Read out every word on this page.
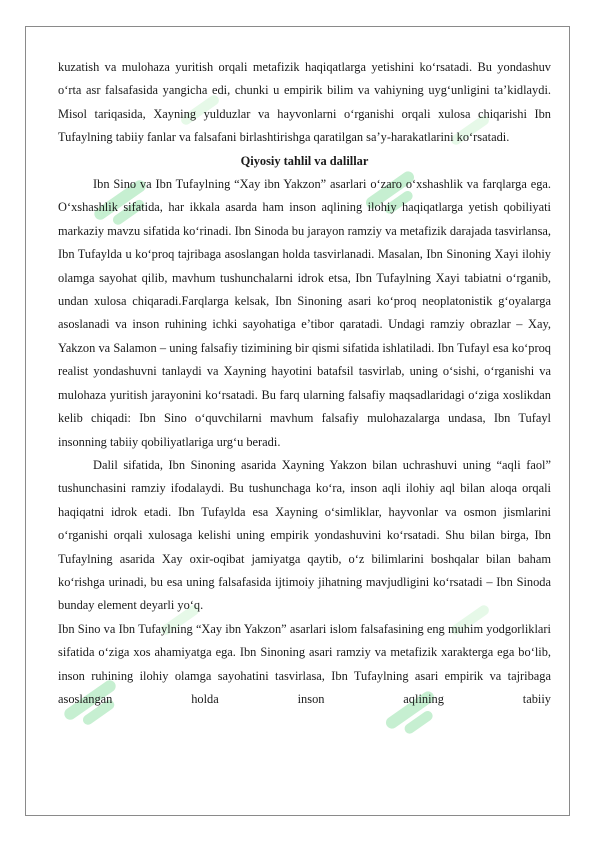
kuzatish va mulohaza yuritish orqali metafizik haqiqatlarga yetishini ko‘rsatadi. Bu yondashuv o‘rta asr falsafasida yangicha edi, chunki u empirik bilim va vahiyning uyg‘unligini ta’kidlaydi. Misol tariqasida, Xayning yulduzlar va hayvonlarni o‘rganishi orqali xulosa chiqarishi Ibn Tufaylning tabiiy fanlar va falsafani birlashtirishga qaratilgan sa’y-harakatlarini ko‘rsatadi.

Qiyosiy tahlil va dalillar

Ibn Sino va Ibn Tufaylning “Xay ibn Yakzon” asarlari o‘zaro o‘xshashlik va farqlarga ega. O‘xshashlik sifatida, har ikkala asarda ham inson aqlining ilohiy haqiqatlarga yetish qobiliyati markaziy mavzu sifatida ko‘rinadi. Ibn Sinoda bu jarayon ramziy va metafizik darajada tasvirlansa, Ibn Tufaylda u ko‘proq tajribaga asoslangan holda tasvirlanadi. Masalan, Ibn Sinoning Xayi ilohiy olamga sayohat qilib, mavhum tushunchalarni idrok etsa, Ibn Tufaylning Xayi tabiatni o‘rganib, undan xulosa chiqaradi.Farqlarga kelsak, Ibn Sinoning asari ko‘proq neoplatonistik g‘oyalarga asoslanadi va inson ruhining ichki sayohatiga e’tibor qaratadi. Undagi ramziy obrazlar – Xay, Yakzon va Salamon – uning falsafiy tizimining bir qismi sifatida ishlatiladi. Ibn Tufayl esa ko‘proq realist yondashuvni tanlaydi va Xayning hayotini batafsil tasvirlab, uning o‘sishi, o‘rganishi va mulohaza yuritish jarayonini ko‘rsatadi. Bu farq ularning falsafiy maqsadlaridagi o‘ziga xoslikdan kelib chiqadi: Ibn Sino o‘quvchilarni mavhum falsafiy mulohazalarga undasa, Ibn Tufayl insonning tabiiy qobiliyatlariga urg‘u beradi.

Dalil sifatida, Ibn Sinoning asarida Xayning Yakzon bilan uchrashuvi uning “aqli faol” tushunchasini ramziy ifodalaydi. Bu tushunchaga ko‘ra, inson aqli ilohiy aql bilan aloqa orqali haqiqatni idrok etadi. Ibn Tufaylda esa Xayning o‘simliklar, hayvonlar va osmon jismlarini o‘rganishi orqali xulosaga kelishi uning empirik yondashuvini ko‘rsatadi. Shu bilan birga, Ibn Tufaylning asarida Xay oxir-oqibat jamiyatga qaytib, o‘z bilimlarini boshqalar bilan baham ko‘rishga urinadi, bu esa uning falsafasida ijtimoiy jihatning mavjudligini ko‘rsatadi – Ibn Sinoda bunday element deyarli yo‘q.

Ibn Sino va Ibn Tufaylning “Xay ibn Yakzon” asarlari islom falsafasining eng muhim yodgorliklari sifatida o‘ziga xos ahamiyatga ega. Ibn Sinoning asari ramziy va metafizik xarakterga ega bo‘lib, inson ruhining ilohiy olamga sayohatini tasvirlasa, Ibn Tufaylning asari empirik va tajribaga asoslangan holda inson aqlining tabiiy
